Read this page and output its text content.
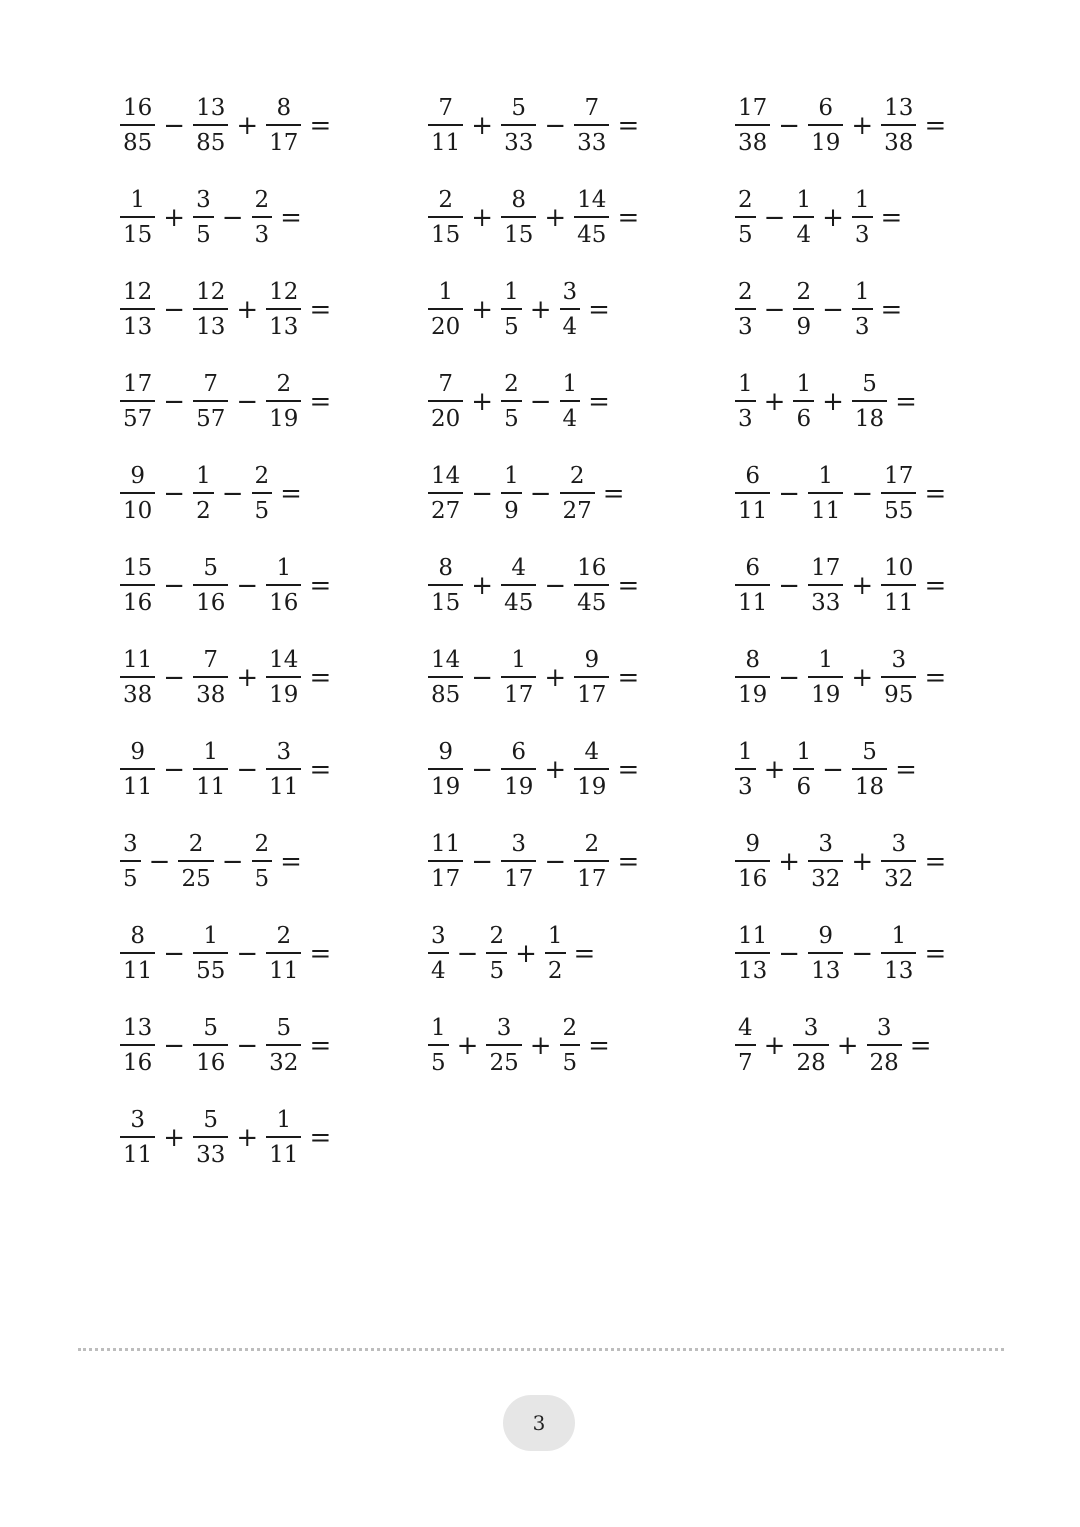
$\frac{16}{85} - \frac{13}{85} + \frac{8}{17}$ =	$\frac{7}{11} + \frac{5}{33} - \frac{7}{33}$ =	$\frac{17}{38} - \frac{6}{19} + \frac{13}{38}$ =
$\frac{1}{15} + \frac{3}{5} - \frac{2}{3}$ =	$\frac{2}{15} + \frac{8}{15} + \frac{14}{45}$ =	$\frac{2}{5} - \frac{1}{4} + \frac{1}{3}$ =
$\frac{12}{13} - \frac{12}{13} + \frac{12}{13}$ =	$\frac{1}{20} + \frac{1}{5} + \frac{3}{4}$ =	$\frac{2}{3} - \frac{2}{9} - \frac{1}{3}$ =
$\frac{17}{57} - \frac{7}{57} - \frac{2}{19}$ =	$\frac{7}{20} + \frac{2}{5} - \frac{1}{4}$ =	$\frac{1}{3} + \frac{1}{6} + \frac{5}{18}$ =
$\frac{9}{10} - \frac{1}{2} - \frac{2}{5}$ =	$\frac{14}{27} - \frac{1}{9} - \frac{2}{27}$ =	$\frac{6}{11} - \frac{1}{11} - \frac{17}{55}$ =
$\frac{15}{16} - \frac{5}{16} - \frac{1}{16}$ =	$\frac{8}{15} + \frac{4}{45} - \frac{16}{45}$ =	$\frac{6}{11} - \frac{17}{33} + \frac{10}{11}$ =
$\frac{11}{38} - \frac{7}{38} + \frac{14}{19}$ =	$\frac{14}{85} - \frac{1}{17} + \frac{9}{17}$ =	$\frac{8}{19} - \frac{1}{19} + \frac{3}{95}$ =
$\frac{9}{11} - \frac{1}{11} - \frac{3}{11}$ =	$\frac{9}{19} - \frac{6}{19} + \frac{4}{19}$ =	$\frac{1}{3} + \frac{1}{6} - \frac{5}{18}$ =
$\frac{3}{5} - \frac{2}{25} - \frac{2}{5}$ =	$\frac{11}{17} - \frac{3}{17} - \frac{2}{17}$ =	$\frac{9}{16} + \frac{3}{32} + \frac{3}{32}$ =
$\frac{8}{11} - \frac{1}{55} - \frac{2}{11}$ =	$\frac{3}{4} - \frac{2}{5} + \frac{1}{2}$ =	$\frac{11}{13} - \frac{9}{13} - \frac{1}{13}$ =
$\frac{13}{16} - \frac{5}{16} - \frac{5}{32}$ =	$\frac{1}{5} + \frac{3}{25} + \frac{2}{5}$ =	$\frac{4}{7} + \frac{3}{28} + \frac{3}{28}$ =
$\frac{3}{11} + \frac{5}{33} + \frac{1}{11}$ =
3
